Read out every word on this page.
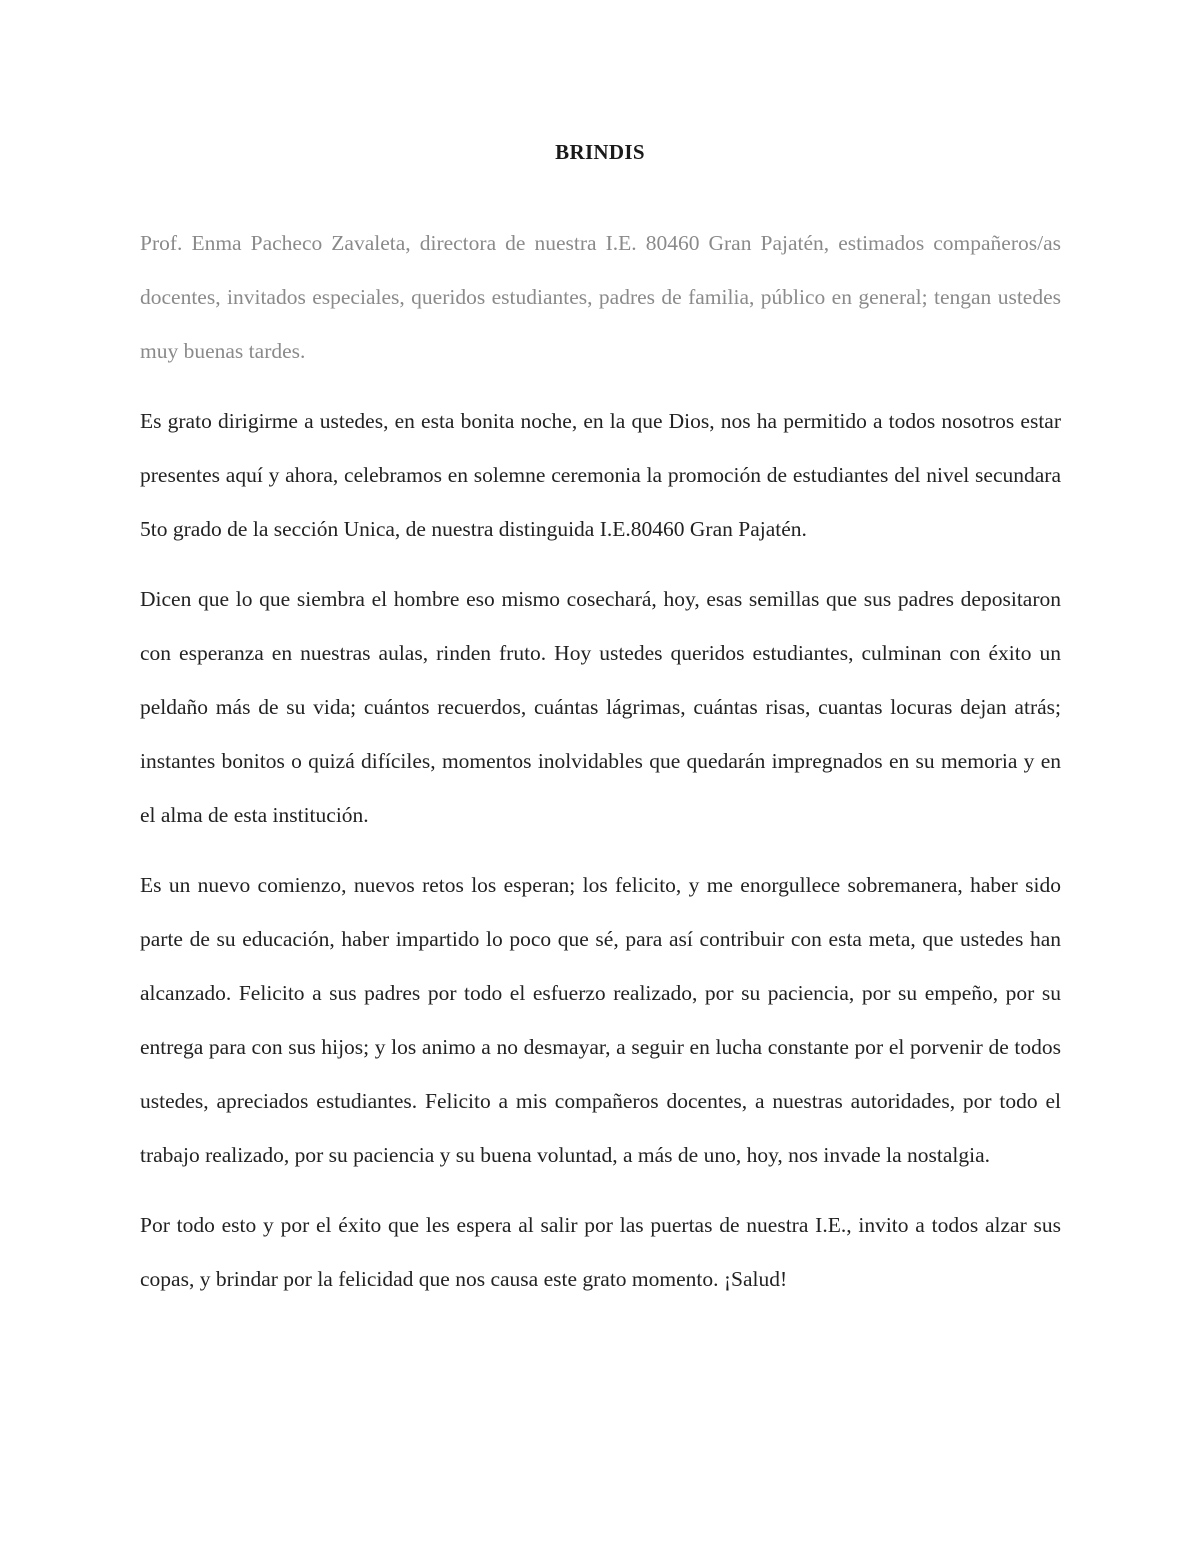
BRINDIS

Prof. Enma Pacheco Zavaleta, directora de nuestra I.E. 80460 Gran Pajatén, estimados compañeros/as docentes, invitados especiales, queridos estudiantes, padres de familia, público en general; tengan ustedes muy buenas tardes.

Es grato dirigirme a ustedes, en esta bonita noche, en la que Dios, nos ha permitido a todos nosotros estar presentes aquí y ahora, celebramos en solemne ceremonia la promoción de estudiantes del nivel secundara 5to grado de la sección Unica, de nuestra distinguida I.E.80460 Gran Pajatén.

Dicen que lo que siembra el hombre eso mismo cosechará, hoy, esas semillas que sus padres depositaron con esperanza en nuestras aulas, rinden fruto. Hoy ustedes queridos estudiantes, culminan con éxito un peldaño más de su vida; cuántos recuerdos, cuántas lágrimas, cuántas risas, cuantas locuras dejan atrás; instantes bonitos o quizá difíciles, momentos inolvidables que quedarán impregnados en su memoria y en el alma de esta institución.

Es un nuevo comienzo, nuevos retos los esperan; los felicito, y me enorgullece sobremanera, haber sido parte de su educación, haber impartido lo poco que sé, para así contribuir con esta meta, que ustedes han alcanzado. Felicito a sus padres por todo el esfuerzo realizado, por su paciencia, por su empeño, por su entrega para con sus hijos; y los animo a no desmayar, a seguir en lucha constante por el porvenir de todos ustedes, apreciados estudiantes. Felicito a mis compañeros docentes, a nuestras autoridades, por todo el trabajo realizado, por su paciencia y su buena voluntad, a más de uno, hoy, nos invade la nostalgia.

Por todo esto y por el éxito que les espera al salir por las puertas de nuestra I.E., invito a todos alzar sus copas, y brindar por la felicidad que nos causa este grato momento. ¡Salud!
